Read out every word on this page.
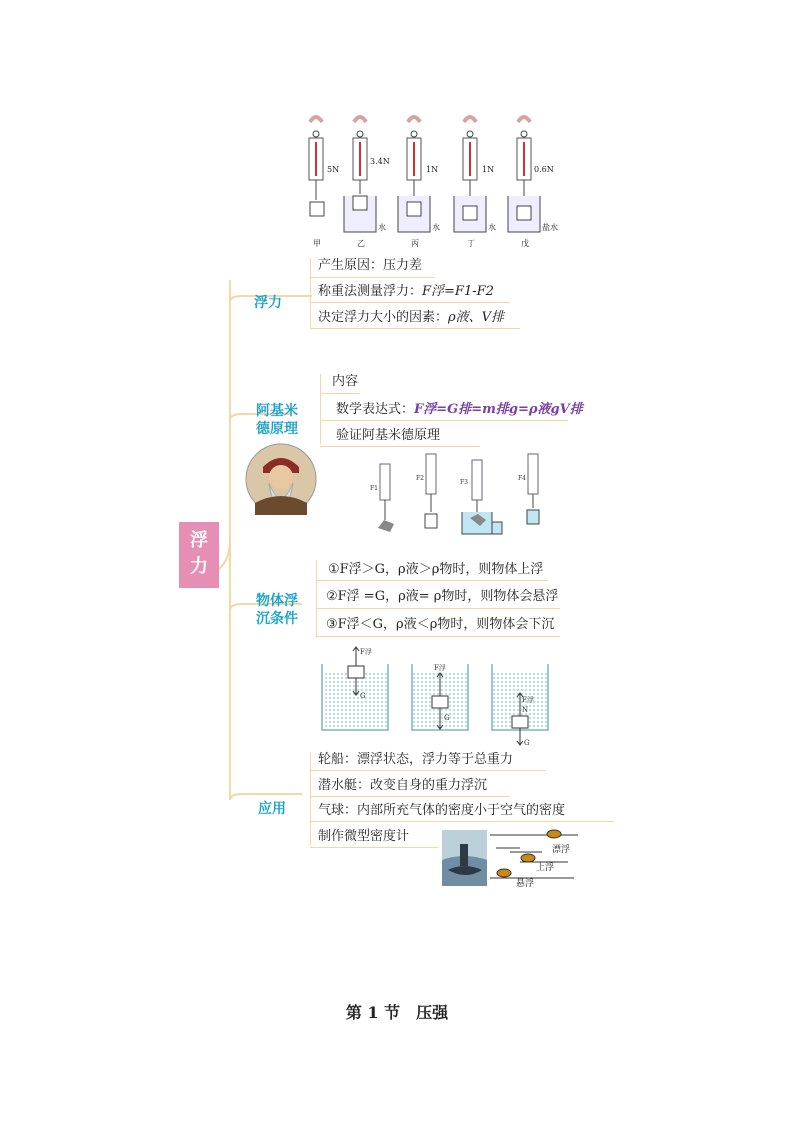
5N
3.4N
水
1N
水
1N
水
0.6N
盐水
甲	乙	丙	丁	戊
浮力
浮力
产生原因：压力差
称重法测量浮力：F浮=F1-F2
决定浮力大小的因素：ρ液、V排
阿基米
德原理
内容
数学表达式：F浮=G排=m排g=ρ液gV排
验证阿基米德原理
F1
F2
F3
F4
物体浮
沉条件
①F浮＞G，ρ液＞ρ物时，则物体上浮
②F浮 =G，ρ液= ρ物时，则物体会悬浮
③F浮＜G，ρ液＜ρ物时，则物体会下沉
F浮
G
F浮
G
F浮
N
G
应用
轮船：漂浮状态，浮力等于总重力
潜水艇：改变自身的重力浮沉
气球：内部所充气体的密度小于空气的密度
制作微型密度计
漂浮
上浮
悬浮
第 1 节　压强
